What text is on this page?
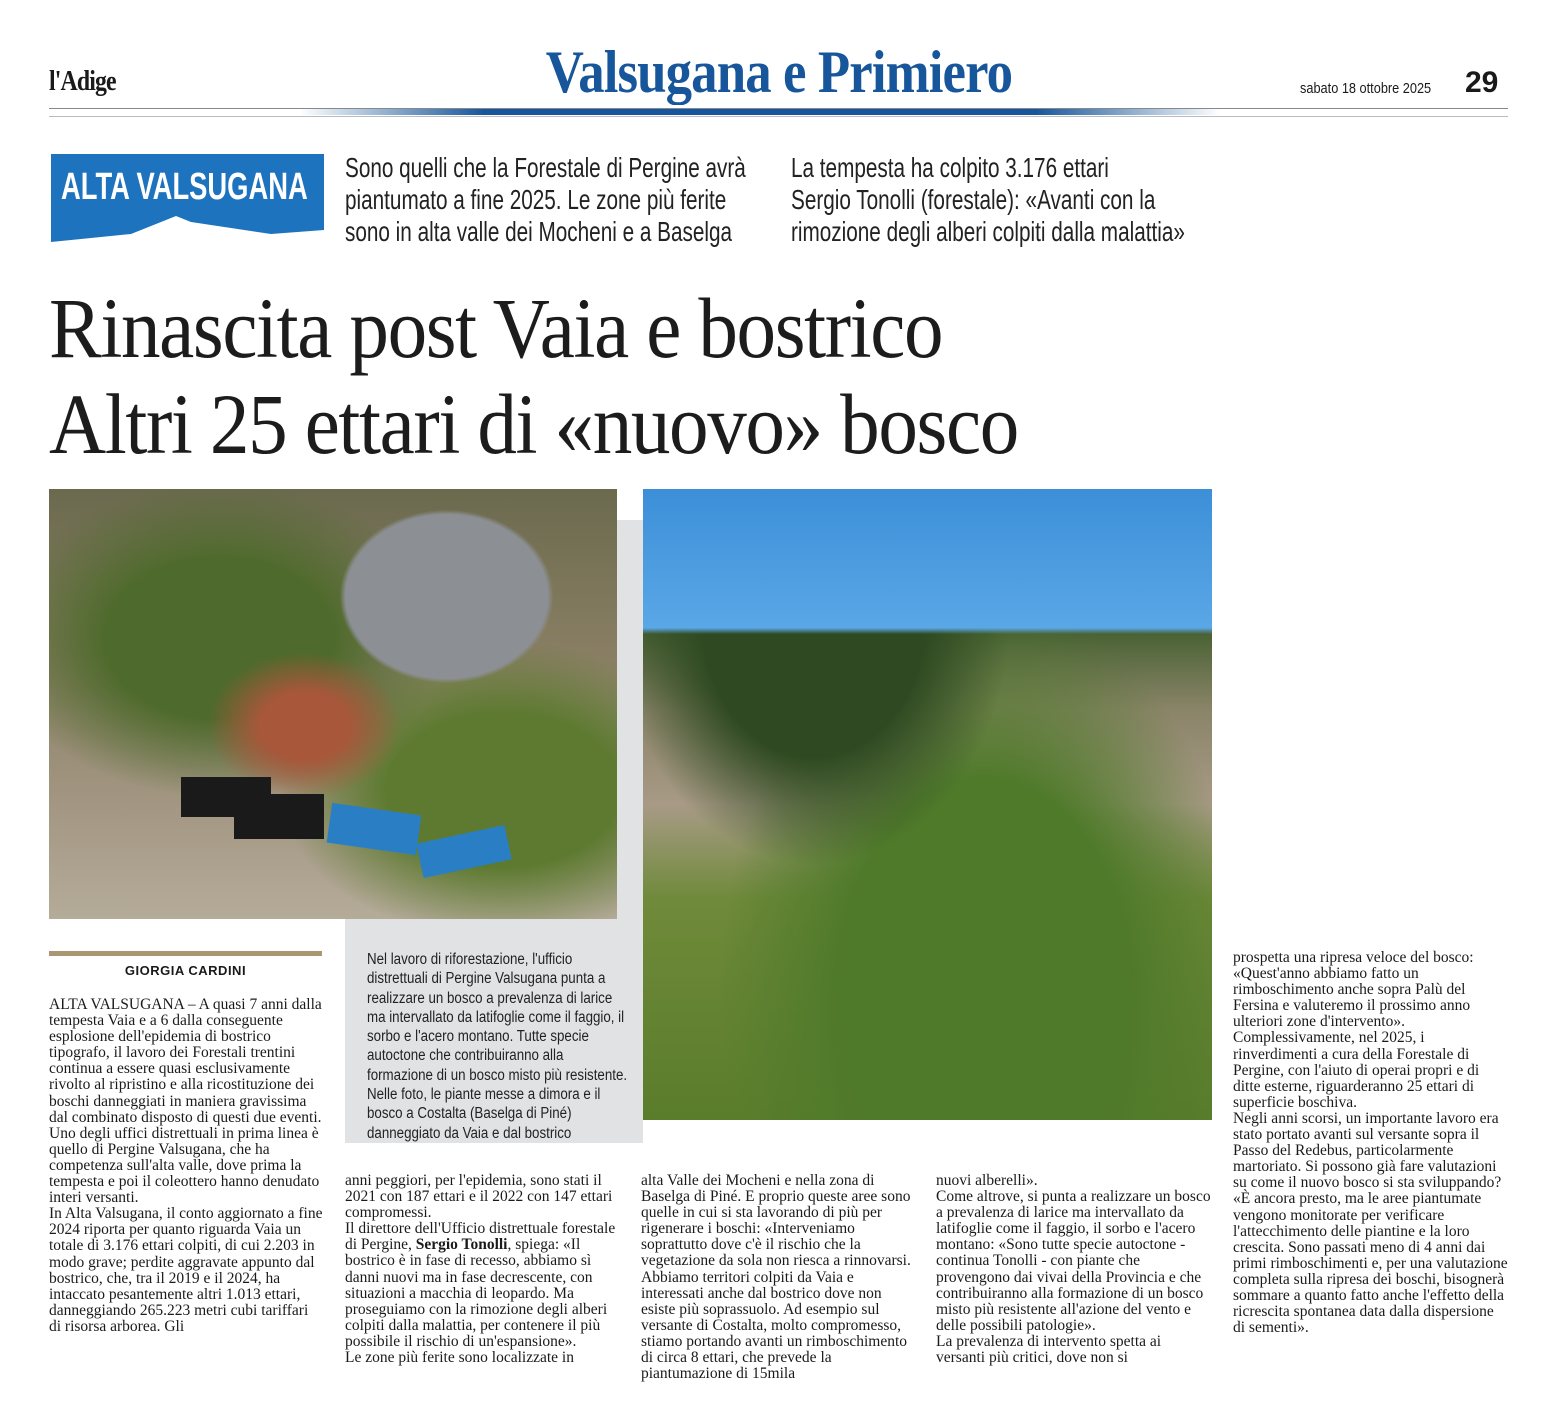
l'Adige	Valsugana e Primiero	sabato 18 ottobre 2025 29
ALTA VALSUGANA Sono quelli che la Forestale di Pergine avrà
piantumato a fine 2025. Le zone più ferite
sono in alta valle dei Mocheni e a Baselga
La tempesta ha colpito 3.176 ettari
Sergio Tonolli (forestale): «Avanti con la
rimozione degli alberi colpiti dalla malattia»
Rinascita post Vaia e bostrico
Altri 25 ettari di «nuovo» bosco
Nel lavoro di riforestazione, l'ufficio distrettuali di Pergine Valsugana punta a realizzare un bosco a prevalenza di larice ma intervallato da latifoglie come il faggio, il sorbo e l'acero montano. Tutte specie autoctone che contribuiranno alla formazione di un bosco misto più resistente. Nelle foto, le piante messe a dimora e il bosco a Costalta (Baselga di Piné) danneggiato da Vaia e dal bostrico
GIORGIA CARDINI

ALTA VALSUGANA – A quasi 7 anni dalla tempesta Vaia e a 6 dalla conseguente esplosione dell'epidemia di bostrico tipografo, il lavoro dei Forestali trentini continua a essere quasi esclusivamente rivolto al ripristino e alla ricostituzione dei boschi danneggiati in maniera gravissima dal combinato disposto di questi due eventi.

Uno degli uffici distrettuali in prima linea è quello di Pergine Valsugana, che ha competenza sull'alta valle, dove prima la tempesta e poi il coleottero hanno denudato interi versanti.

In Alta Valsugana, il conto aggiornato a fine 2024 riporta per quanto riguarda Vaia un totale di 3.176 ettari colpiti, di cui 2.203 in modo grave; perdite aggravate appunto dal bostrico, che, tra il 2019 e il 2024, ha intaccato pesantemente altri 1.013 ettari, danneggiando 265.223 metri cubi tariffari di risorsa arborea. Gli

anni peggiori, per l'epidemia, sono stati il 2021 con 187 ettari e il 2022 con 147 ettari compromessi.

Il direttore dell'Ufficio distrettuale forestale di Pergine, Sergio Tonolli, spiega: «Il bostrico è in fase di recesso, abbiamo sì danni nuovi ma in fase decrescente, con situazioni a macchia di leopardo. Ma proseguiamo con la rimozione degli alberi colpiti dalla malattia, per contenere il più possibile il rischio di un'espansione».

Le zone più ferite sono localizzate in

alta Valle dei Mocheni e nella zona di Baselga di Piné. E proprio queste aree sono quelle in cui si sta lavorando di più per rigenerare i boschi: «Interveniamo soprattutto dove c'è il rischio che la vegetazione da sola non riesca a rinnovarsi. Abbiamo territori colpiti da Vaia e interessati anche dal bostrico dove non esiste più soprassuolo. Ad esempio sul versante di Costalta, molto compromesso, stiamo portando avanti un rimboschimento di circa 8 ettari, che prevede la piantumazione di 15mila

nuovi alberelli».

Come altrove, si punta a realizzare un bosco a prevalenza di larice ma intervallato da latifoglie come il faggio, il sorbo e l'acero montano: «Sono tutte specie autoctone - continua Tonolli - con piante che provengono dai vivai della Provincia e che contribuiranno alla formazione di un bosco misto più resistente all'azione del vento e delle possibili patologie».

La prevalenza di intervento spetta ai versanti più critici, dove non si

prospetta una ripresa veloce del bosco: «Quest'anno abbiamo fatto un rimboschimento anche sopra Palù del Fersina e valuteremo il prossimo anno ulteriori zone d'intervento».

Complessivamente, nel 2025, i rinverdimenti a cura della Forestale di Pergine, con l'aiuto di operai propri e di ditte esterne, riguarderanno 25 ettari di superficie boschiva.

Negli anni scorsi, un importante lavoro era stato portato avanti sul versante sopra il Passo del Redebus, particolarmente martoriato. Si possono già fare valutazioni su come il nuovo bosco si sta sviluppando?

«È ancora presto, ma le aree piantumate vengono monitorate per verificare l'attecchimento delle piantine e la loro crescita. Sono passati meno di 4 anni dai primi rimboschimenti e, per una valutazione completa sulla ripresa dei boschi, bisognerà sommare a quanto fatto anche l'effetto della ricrescita spontanea data dalla dispersione di sementi».
